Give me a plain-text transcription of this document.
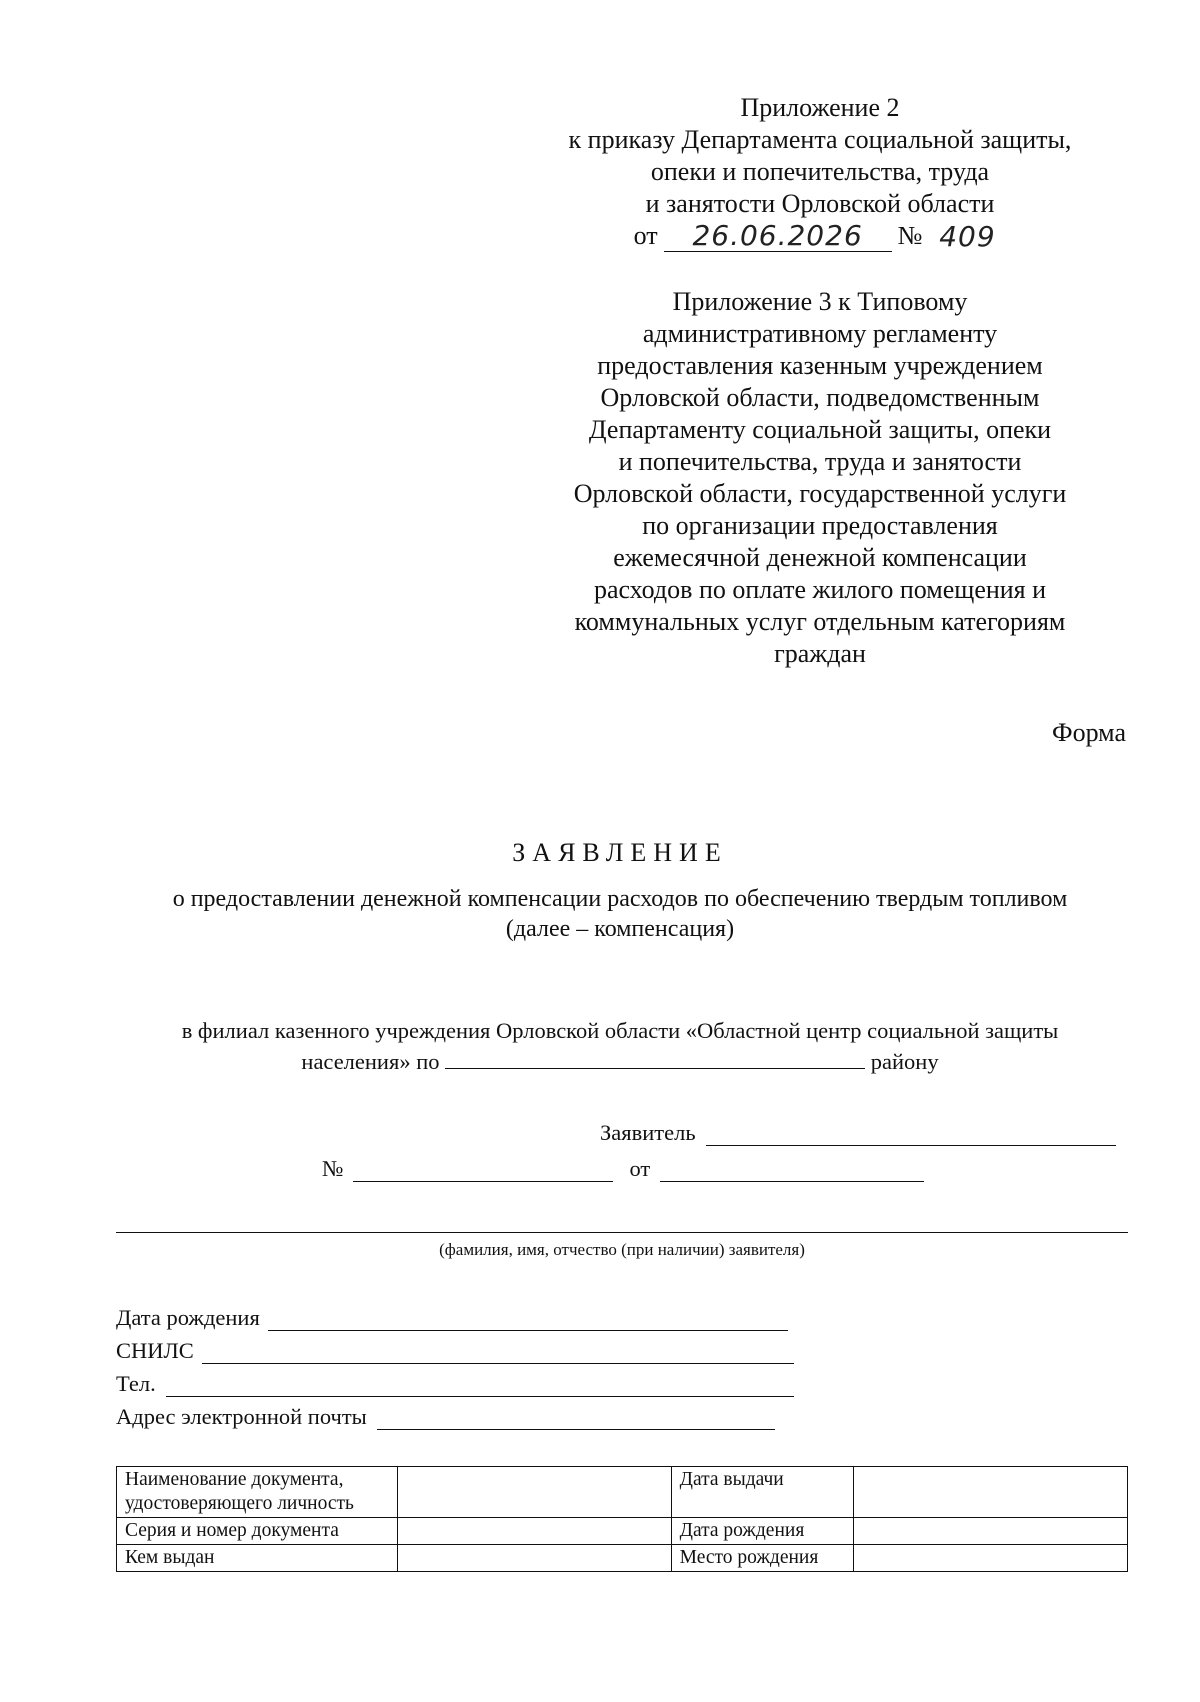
Приложение 2
к приказу Департамента социальной защиты,
опеки и попечительства, труда
и занятости Орловской области
от	26.06.2026	№ 409
Приложение 3 к Типовому
административному регламенту
предоставления казенным учреждением
Орловской области, подведомственным
Департаменту социальной защиты, опеки
и попечительства, труда и занятости
Орловской области, государственной услуги
по организации предоставления
ежемесячной денежной компенсации
расходов по оплате жилого помещения и
коммунальных услуг отдельным категориям
граждан
Форма
ЗАЯВЛЕНИЕ
о предоставлении денежной компенсации расходов по обеспечению твердым топливом
(далее – компенсация)
в филиал казенного учреждения Орловской области «Областной центр социальной защиты
населения» по	району
Заявитель
№	от
(фамилия, имя, отчество (при наличии) заявителя)
Дата рождения
СНИЛС
Тел.
Адрес электронной почты
Наименование документа, удостоверяющего личность		Дата выдачи	
Серия и номер документа		Дата рождения	
Кем выдан		Место рождения	
